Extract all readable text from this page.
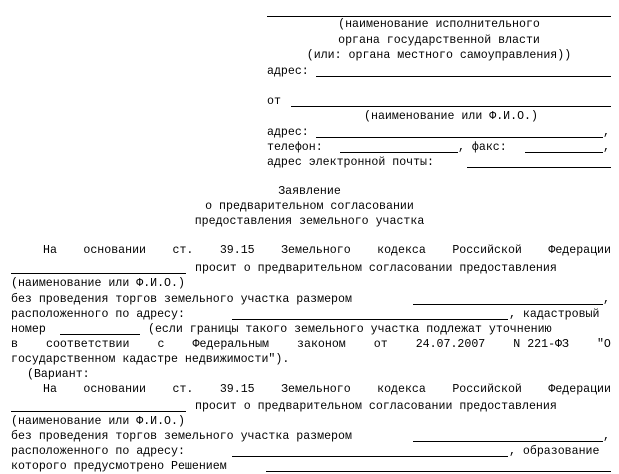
(наименование исполнительного
органа государственной власти
(или: органа местного самоуправления))
адрес:
от
(наименование или Ф.И.О.)
адрес:	,
телефон:	, факс:	,
адрес электронной почты:
Заявление
о предварительном согласовании
предоставления земельного участка
На основании ст. 39.15 Земельного кодекса Российской Федерации
просит о предварительном согласовании предоставления
(наименование или Ф.И.О.)
без проведения торгов земельного участка размером	,
расположенного по адресу:	, кадастровый
номер	(если границы такого земельного участка подлежат уточнению
в соответствии с Федеральным законом от 24.07.2007 N 221-ФЗ "О
государственном кадастре недвижимости").
(Вариант:
На основании ст. 39.15 Земельного кодекса Российской Федерации
просит о предварительном согласовании предоставления
(наименование или Ф.И.О.)
без проведения торгов земельного участка размером	,
расположенного по адресу:	, образование
которого предусмотрено Решением
